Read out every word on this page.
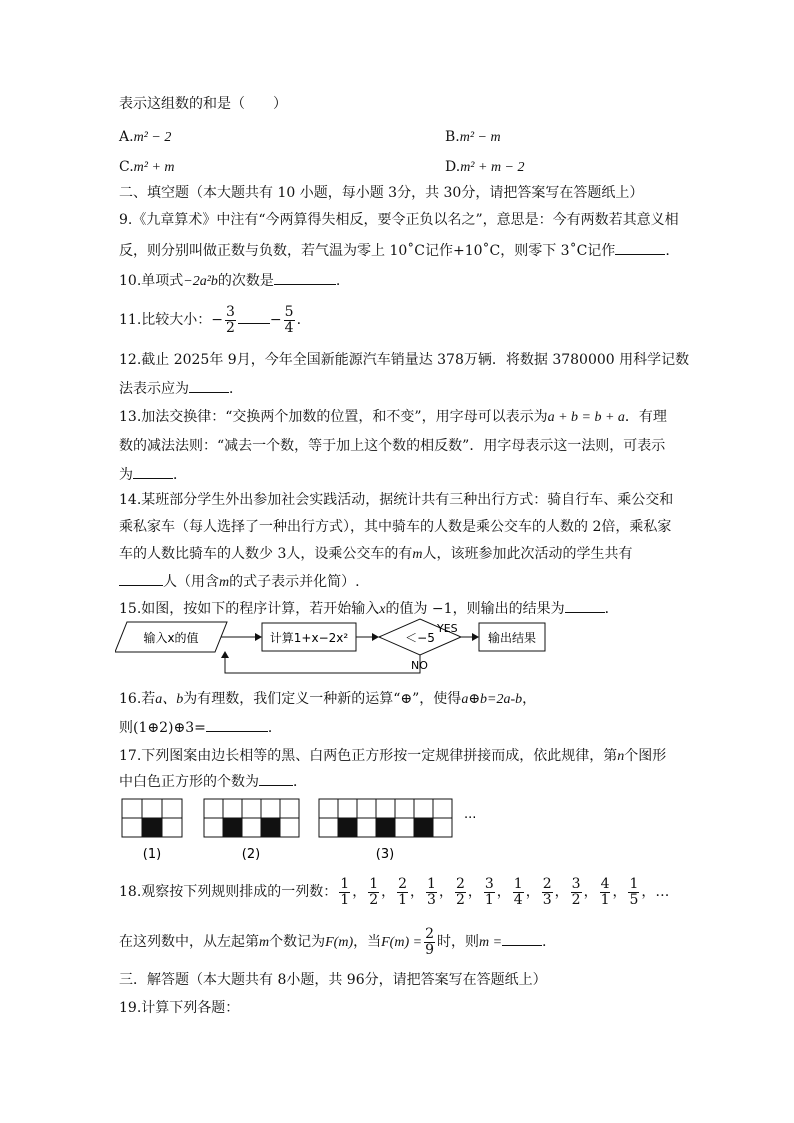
表示这组数的和是（　　）
A.m² − 2	B.m² − m
C.m² + m	D.m² + m − 2
二、填空题（本大题共有 10 小题，每小题 3分，共 30分，请把答案写在答题纸上）
9.《九章算术》中注有“今两算得失相反，要令正负以名之”，意思是：今有两数若其意义相
反，则分别叫做正数与负数，若气温为零上 10˚C记作+10˚C，则零下 3˚C记作	.
10.单项式−2a²b的次数是	.
11.比较大小：− $\frac{3}{2} - \frac{5}{4}$ .
12.截止 2025年 9月，今年全国新能源汽车销量达 378万辆．将数据 3780000 用科学记数
法表示应为	．
13.加法交换律：“交换两个加数的位置，和不变”，用字母可以表示为a + b = b + a．有理
数的减法法则：“减去一个数，等于加上这个数的相反数”．用字母表示这一法则，可表示
为	．
14.某班部分学生外出参加社会实践活动，据统计共有三种出行方式：骑自行车、乘公交和
乘私家车（每人选择了一种出行方式），其中骑车的人数是乘公交车的人数的 2倍，乘私家
车的人数比骑车的人数少 3人，设乘公交车的有m人，该班参加此次活动的学生共有
人（用含m的式子表示并化简）.
15.如图，按如下的程序计算，若开始输入x的值为 −1，则输出的结果为	．
输入x的值	计算1+x−2x²	＜−5
YES
输出结果
NO
16.若a、b为有理数，我们定义一种新的运算“⊕”，使得a⊕b=2a-b，
则(1⊕2)⊕3=	．
17.下列图案由边长相等的黑、白两色正方形按一定规律拼接而成，依此规律，第n个图形
中白色正方形的个数为 ．
···
(1)	(2)	(3)
18.观察按下列规则排成的一列数： $\frac{1}{1}$ ， $\frac{1}{2}$ ， $\frac{2}{1}$ ， $\frac{1}{3}$ ， $\frac{2}{2}$ ， $\frac{3}{1}$ ， $\frac{1}{4}$ ， $\frac{2}{3}$ ， $\frac{3}{2}$ ， $\frac{4}{1}$ ， $\frac{1}{5}$ ，…
在这列数中，从左起第m个数记为F(m)，当$F(m) = \frac{2}{9}$ 时，则m =	.
三．解答题（本大题共有 8小题，共 96分，请把答案写在答题纸上）
19.计算下列各题：
